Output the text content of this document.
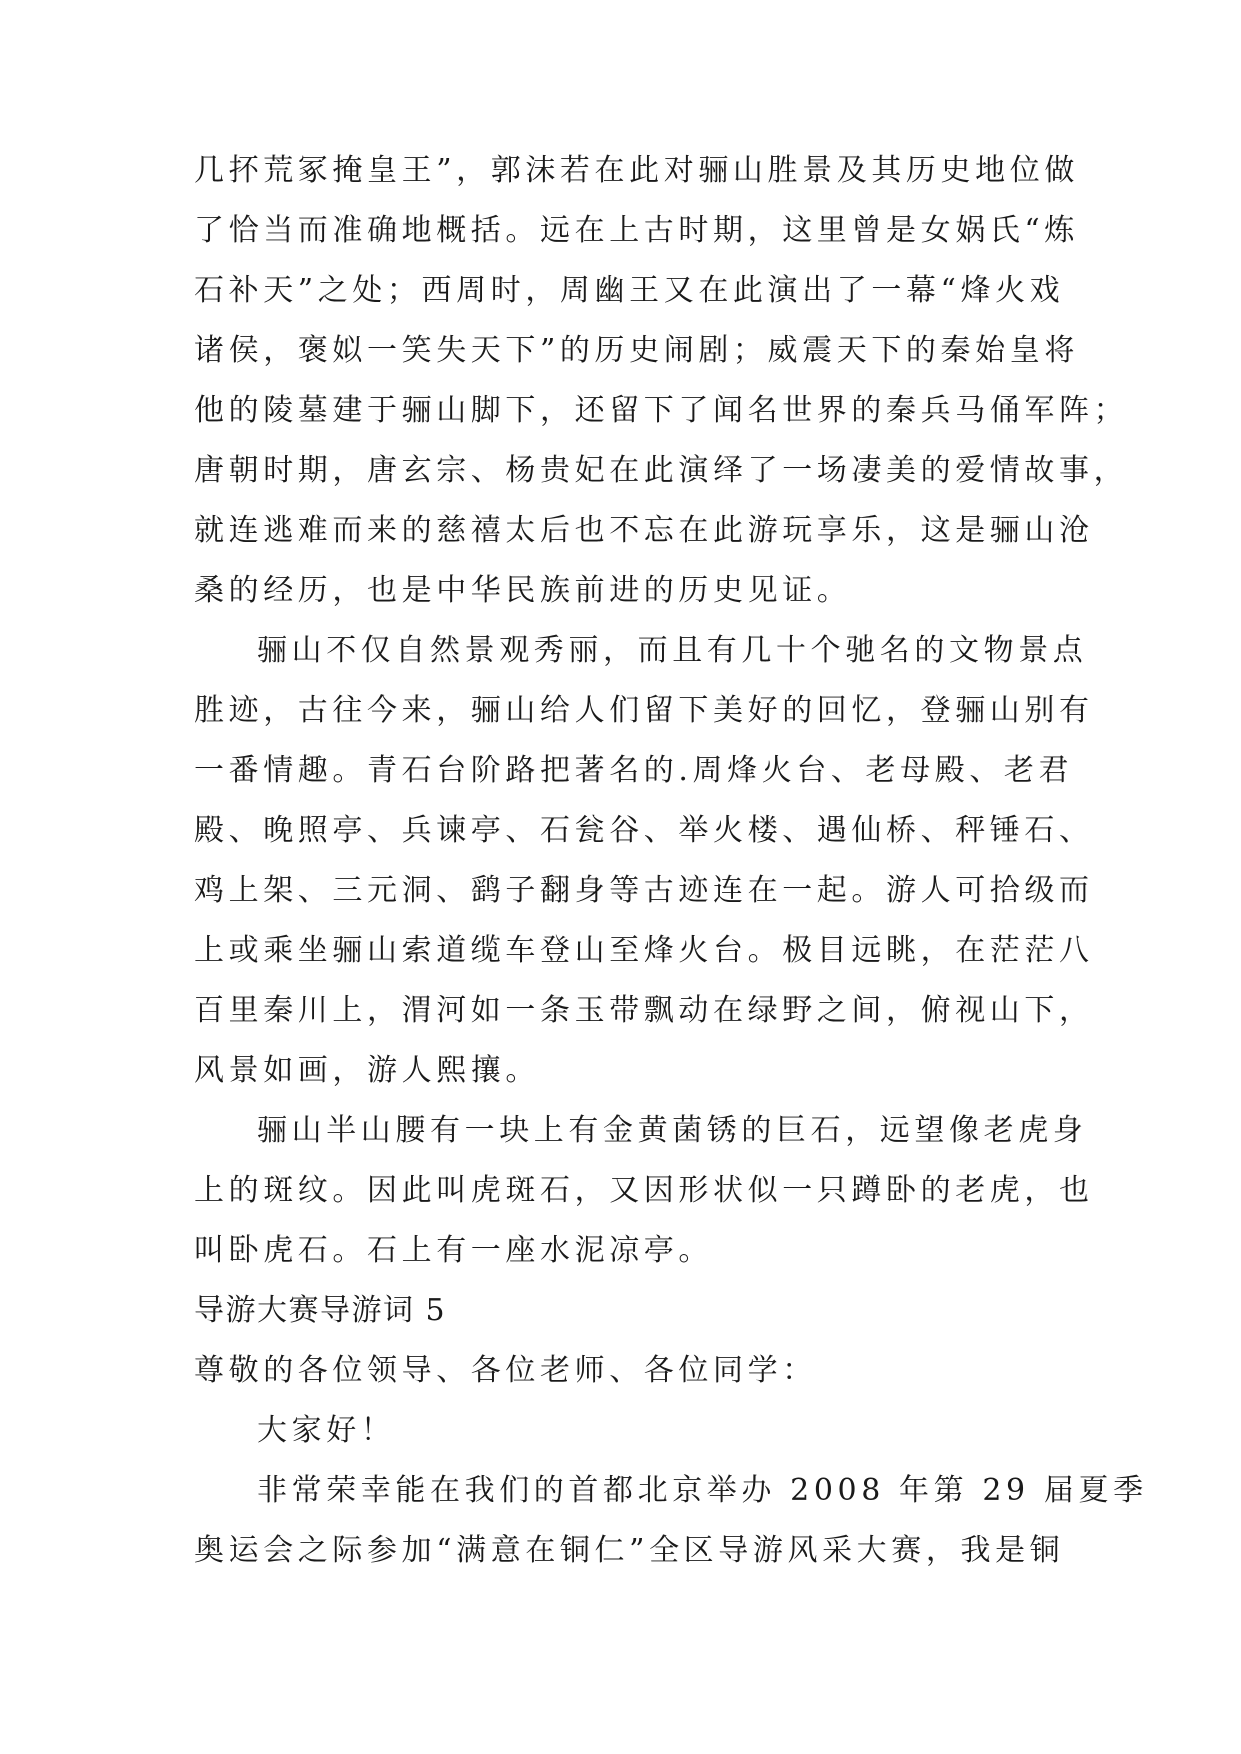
几抔荒冢掩皇王”，郭沫若在此对骊山胜景及其历史地位做

了恰当而准确地概括。远在上古时期，这里曾是女娲氏“炼

石补天”之处；西周时，周幽王又在此演出了一幕“烽火戏

诸侯，褒姒一笑失天下”的历史闹剧；威震天下的秦始皇将

他的陵墓建于骊山脚下，还留下了闻名世界的秦兵马俑军阵；

唐朝时期，唐玄宗、杨贵妃在此演绎了一场凄美的爱情故事，

就连逃难而来的慈禧太后也不忘在此游玩享乐，这是骊山沧

桑的经历，也是中华民族前进的历史见证。

骊山不仅自然景观秀丽，而且有几十个驰名的文物景点

胜迹，古往今来，骊山给人们留下美好的回忆，登骊山别有

一番情趣。青石台阶路把著名的.周烽火台、老母殿、老君

殿、晚照亭、兵谏亭、石瓮谷、举火楼、遇仙桥、秤锤石、

鸡上架、三元洞、鹞子翻身等古迹连在一起。游人可拾级而

上或乘坐骊山索道缆车登山至烽火台。极目远眺，在茫茫八

百里秦川上，渭河如一条玉带飘动在绿野之间，俯视山下，

风景如画，游人熙攘。

骊山半山腰有一块上有金黄菌锈的巨石，远望像老虎身

上的斑纹。因此叫虎斑石，又因形状似一只蹲卧的老虎，也

叫卧虎石。石上有一座水泥凉亭。

导游大赛导游词 5

尊敬的各位领导、各位老师、各位同学：

大家好！

非常荣幸能在我们的首都北京举办 2008 年第 29 届夏季

奥运会之际参加“满意在铜仁”全区导游风采大赛，我是铜
